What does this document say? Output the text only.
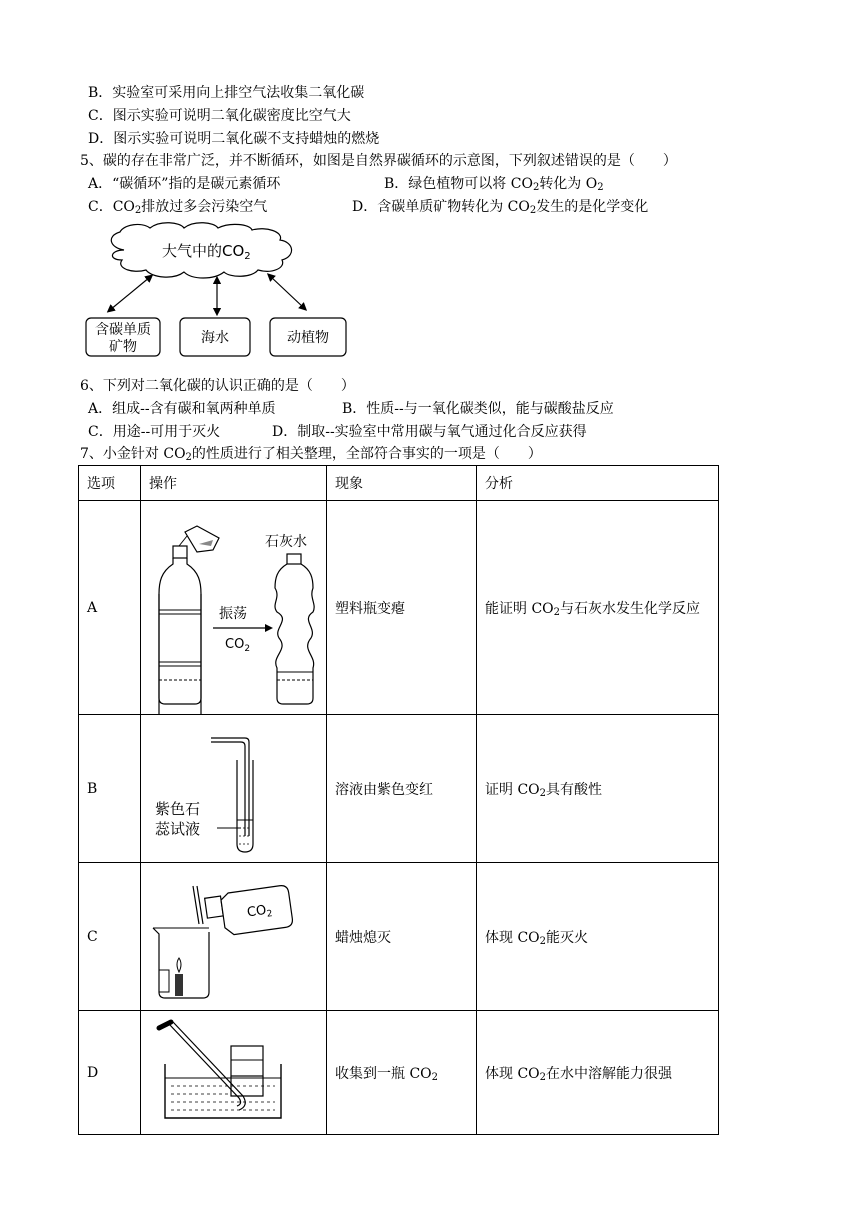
B．实验室可采用向上排空气法收集二氧化碳
C．图示实验可说明二氧化碳密度比空气大
D．图示实验可说明二氧化碳不支持蜡烛的燃烧
5、碳的存在非常广泛，并不断循环，如图是自然界碳循环的示意图，下列叙述错误的是（　　）
A．“碳循环”指的是碳元素循环	B．绿色植物可以将 $CO_2$转化为 $O_2$
C．$CO_2$排放过多会污染空气	D．含碳单质矿物转化为 $CO_2$发生的是化学变化
大气中的$CO_2$
含碳单质
矿物
海水	动植物
6、下列对二氧化碳的认识正确的是（　　）
A．组成--含有碳和氧两种单质	B．性质--与一氧化碳类似，能与碳酸盐反应
C．用途--可用于灭火	D．制取--实验室中常用碳与氧气通过化合反应获得
7、小金针对 $CO_2$的性质进行了相关整理，全部符合事实的一项是（　　）
选项	操作	现象	分析
A	振荡
$CO_2$
石灰水	塑料瓶变瘪	能证明 $CO_2$与石灰水发生化学反应
B	紫色石
蕊试液	溶液由紫色变红	证明 $CO_2$具有酸性
C	$CO_2$	蜡烛熄灭	体现 $CO_2$能灭火
D		收集到一瓶 $CO_2$	体现 $CO_2$在水中溶解能力很强
